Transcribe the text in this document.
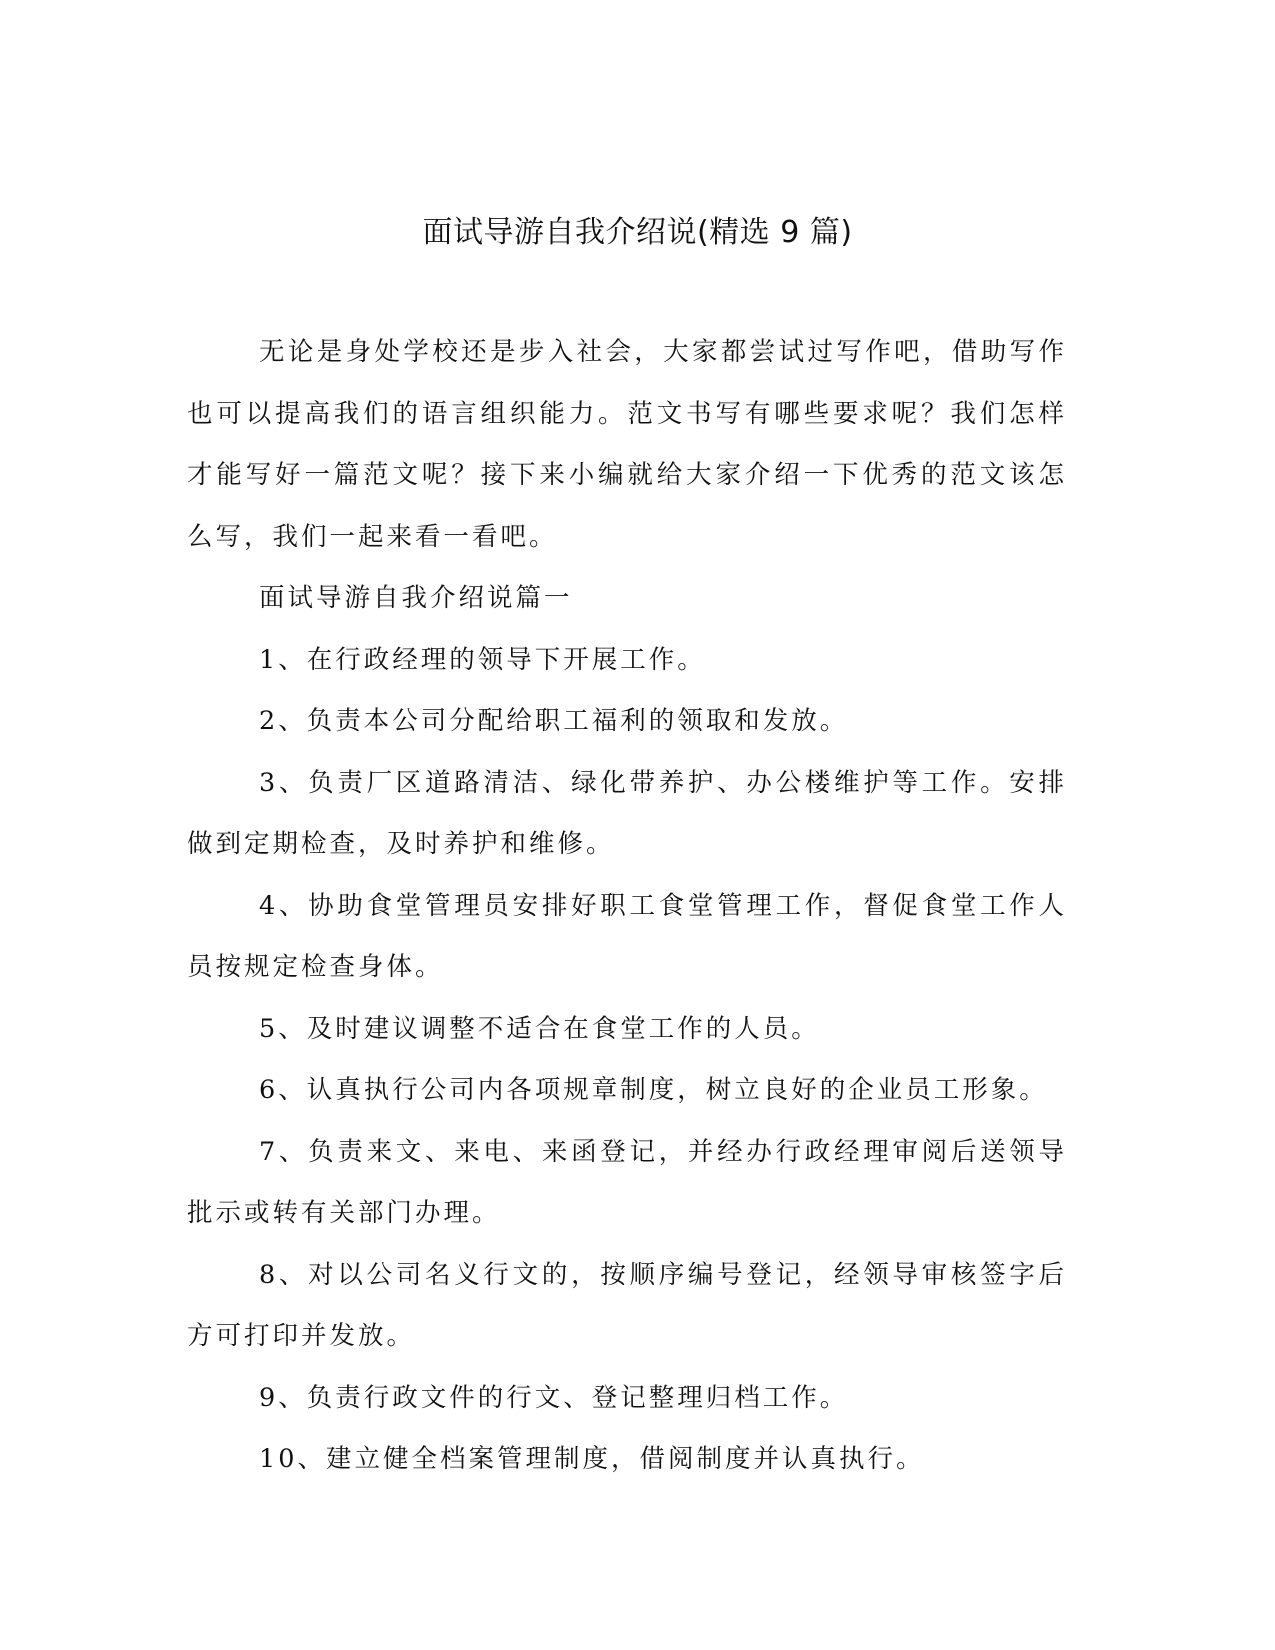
面试导游自我介绍说(精选 9 篇)

无论是身处学校还是步入社会，大家都尝试过写作吧，借助写作也可以提高我们的语言组织能力。范文书写有哪些要求呢？我们怎样才能写好一篇范文呢？接下来小编就给大家介绍一下优秀的范文该怎么写，我们一起来看一看吧。

面试导游自我介绍说篇一

1、在行政经理的领导下开展工作。

2、负责本公司分配给职工福利的领取和发放。

3、负责厂区道路清洁、绿化带养护、办公楼维护等工作。安排做到定期检查，及时养护和维修。

4、协助食堂管理员安排好职工食堂管理工作，督促食堂工作人员按规定检查身体。

5、及时建议调整不适合在食堂工作的人员。

6、认真执行公司内各项规章制度，树立良好的企业员工形象。

7、负责来文、来电、来函登记，并经办行政经理审阅后送领导批示或转有关部门办理。

8、对以公司名义行文的，按顺序编号登记，经领导审核签字后方可打印并发放。

9、负责行政文件的行文、登记整理归档工作。

10、建立健全档案管理制度，借阅制度并认真执行。
